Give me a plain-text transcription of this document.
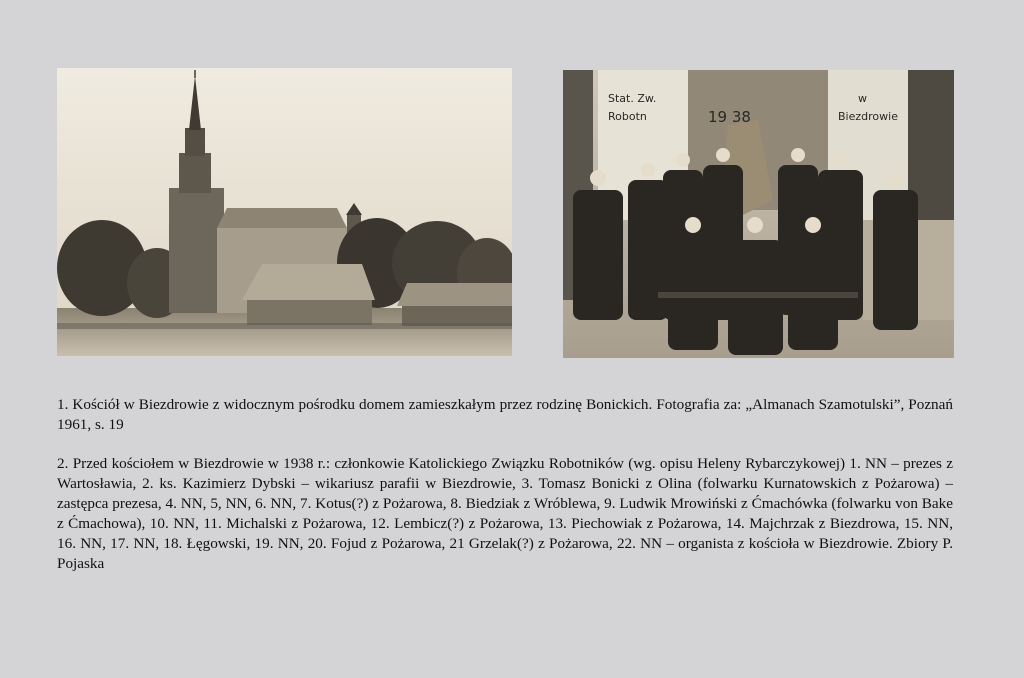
Stat. Zw.
Robotn	19 38
w
Biezdrowie

1. Kościół w Biezdrowie z widocznym pośrodku domem zamieszkałym przez rodzinę Bonickich. Fotografia za: „Almanach Szamotulski”, Poznań 1961, s. 19

2. Przed kościołem w Biezdrowie w 1938 r.: członkowie Katolickiego Związku Robotników (wg. opisu Heleny Rybarczykowej) 1. NN – prezes z Wartosławia, 2. ks. Kazimierz Dybski – wikariusz parafii w Biezdrowie, 3. Tomasz Bonicki z Olina (folwarku Kurnatowskich z Pożarowa) – zastępca prezesa, 4. NN, 5, NN, 6. NN, 7. Kotus(?) z Pożarowa, 8. Biedziak z Wróblewa, 9. Ludwik Mrowiński z Ćmachówka (folwarku von Bake z Ćmachowa), 10. NN, 11. Michalski z Pożarowa, 12. Lembicz(?) z Pożarowa, 13. Piechowiak z Pożarowa, 14. Majchrzak z Biezdrowa, 15. NN, 16. NN, 17. NN, 18. Łęgowski, 19. NN, 20. Fojud z Pożarowa, 21 Grzelak(?) z Pożarowa, 22. NN – organista z kościoła w Biezdrowie. Zbiory P. Pojaska
